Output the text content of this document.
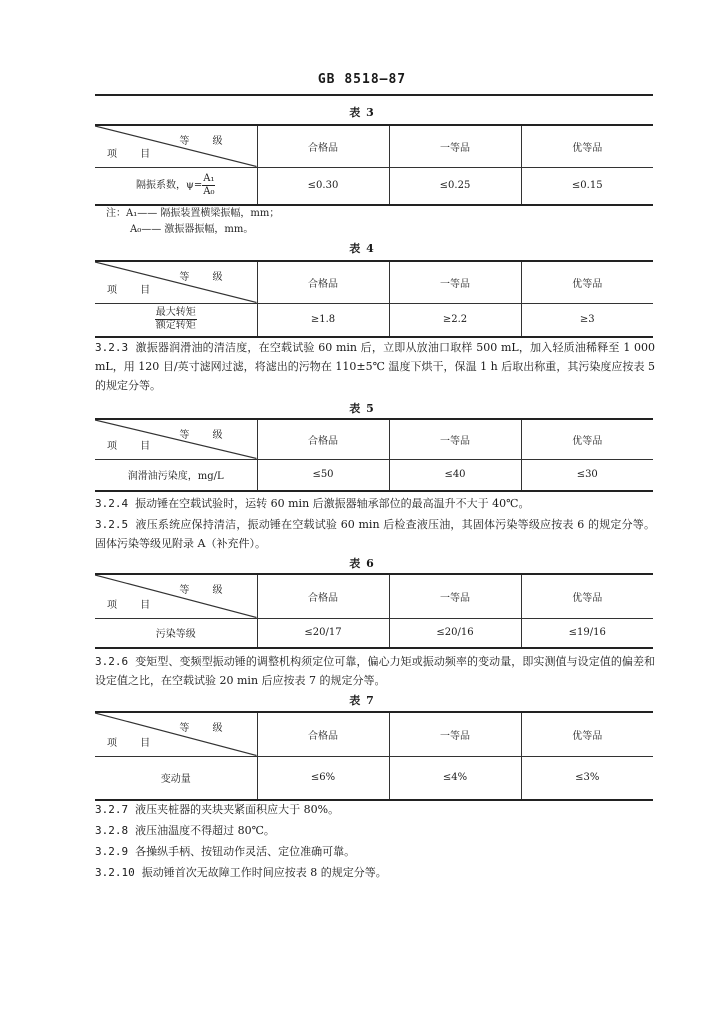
GB 8518—87
表 3
等 级
项 目	合格品	一等品	优等品
隔振系数，$\psi= \frac{\text{A₁}}{\text{A₀}}$	≤0.30	≤0.25	≤0.15
注：A₁—— 隔振装置横梁振幅，mm；
A₀—— 激振器振幅，mm。
表 4
等 级
项 目	合格品	一等品	优等品

$\frac{\text{最大转矩}}{\text{额定转矩}}$	≥1.8	≥2.2	≥3
3.2.3 激振器润滑油的清洁度，在空载试验 60 min 后，立即从放油口取样 500 mL，加入轻质油稀释至 1 000 mL，用 120 目/英寸滤网过滤，将滤出的污物在 110±5℃ 温度下烘干，保温 1 h 后取出称重，其污染度应按表 5 的规定分等。
表 5
等 级
项 目	合格品	一等品	优等品
润滑油污染度，mg/L	≤50	≤40	≤30
3.2.4 振动锤在空载试验时，运转 60 min 后激振器轴承部位的最高温升不大于 40℃。
3.2.5 液压系统应保持清洁，振动锤在空载试验 60 min 后检查液压油，其固体污染等级应按表 6 的规定分等。固体污染等级见附录 A（补充件）。
表 6
等 级
项 目	合格品	一等品	优等品
污染等级	≤20/17	≤20/16	≤19/16
3.2.6 变矩型、变频型振动锤的调整机构须定位可靠，偏心力矩或振动频率的变动量，即实测值与设定值的偏差和设定值之比，在空载试验 20 min 后应按表 7 的规定分等。
表 7
等 级
项 目	合格品	一等品	优等品
变动量	≤6%	≤4%	≤3%
3.2.7 液压夹桩器的夹块夹紧面积应大于 80%。
3.2.8 液压油温度不得超过 80℃。
3.2.9 各操纵手柄、按钮动作灵活、定位准确可靠。
3.2.10 振动锤首次无故障工作时间应按表 8 的规定分等。
